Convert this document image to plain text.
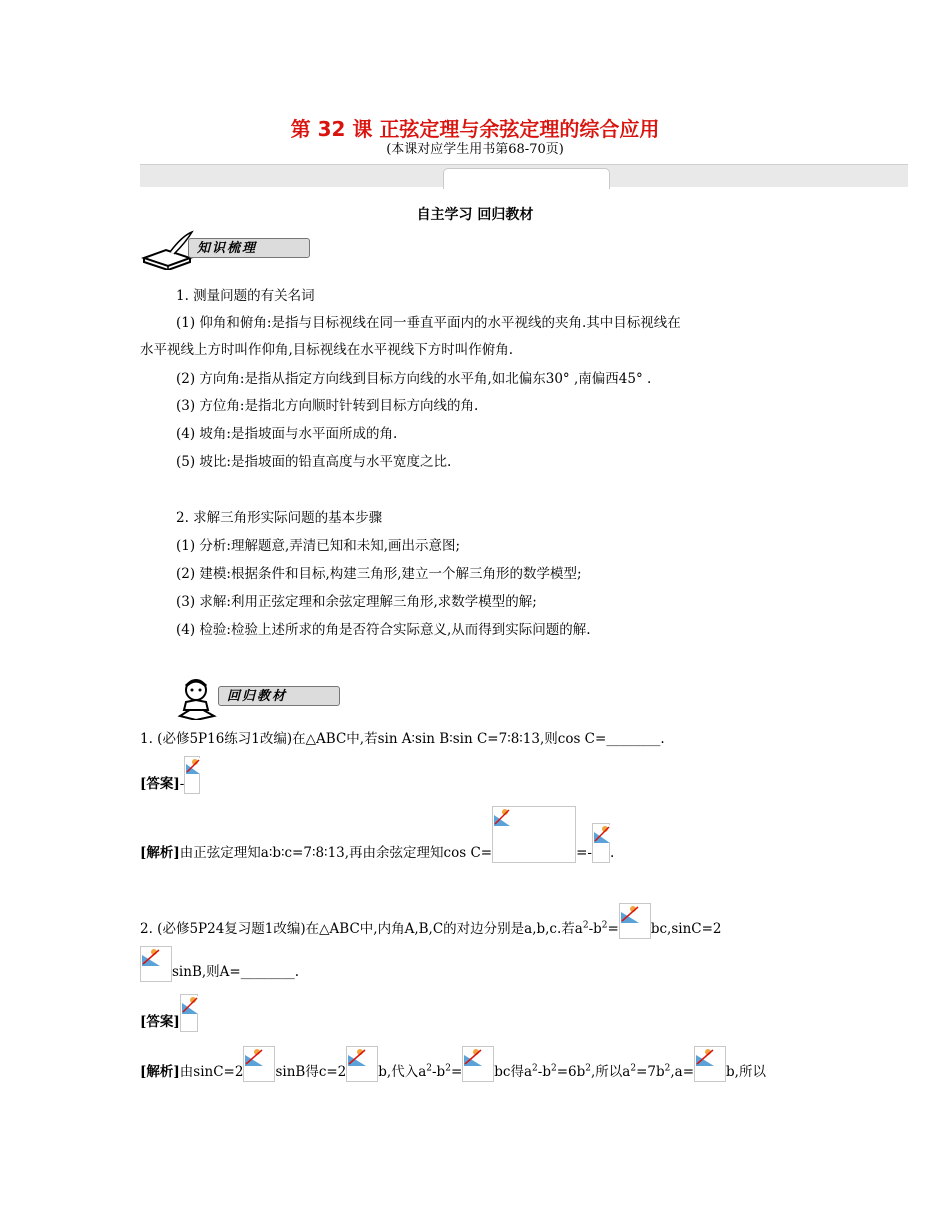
第 32 课 正弦定理与余弦定理的综合应用
(本课对应学生用书第68-70页)
自主学习 回归教材
知识梳理
1. 测量问题的有关名词
(1) 仰角和俯角:是指与目标视线在同一垂直平面内的水平视线的夹角.其中目标视线在
水平视线上方时叫作仰角,目标视线在水平视线下方时叫作俯角.
(2) 方向角:是指从指定方向线到目标方向线的水平角,如北偏东30° ,南偏西45° .
(3) 方位角:是指北方向顺时针转到目标方向线的角.
(4) 坡角:是指坡面与水平面所成的角.
(5) 坡比:是指坡面的铅直高度与水平宽度之比.
2. 求解三角形实际问题的基本步骤
(1) 分析:理解题意,弄清已知和未知,画出示意图;
(2) 建模:根据条件和目标,构建三角形,建立一个解三角形的数学模型;
(3) 求解:利用正弦定理和余弦定理解三角形,求数学模型的解;
(4) 检验:检验上述所求的角是否符合实际意义,从而得到实际问题的解.
回归教材
1. (必修5P16练习1改编)在△ABC中,若sin A∶sin B∶sin C=7∶8∶13,则cos C=________.
[答案]-
[解析]由正弦定理知a∶b∶c=7∶8∶13,再由余弦定理知cos C=	=- .
2. (必修5P24复习题1改编)在△ABC中,内角A,B,C的对边分别是a,b,c.若$a^2-b^2= bc,\sin C=2$
sinB,则A=________.
[答案]
[解析]由sinC=2 sinB得c=2 b,代入$a^2-b^2=$ bc得$a^2-b^2=6b^2$,所以$a^2=7b^2,a= b$,所以
